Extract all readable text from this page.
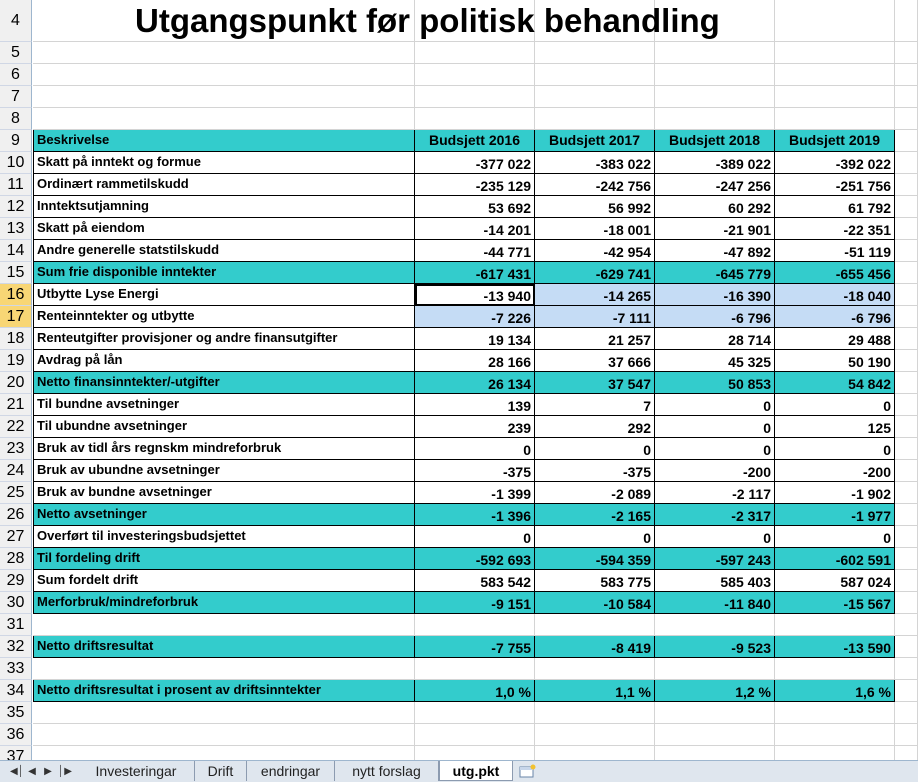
4
5
6
7
8
9	Beskrivelse	Budsjett 2016	Budsjett 2017	Budsjett 2018	Budsjett 2019
10 Skatt på inntekt og formue	-377 022	-383 022	-389 022	-392 022
11	Ordinært rammetilskudd	-235 129	-242 756	-247 256	-251 756
12 Inntektsutjamning	53 692	56 992	60 292	61 792
13 Skatt på eiendom	-14 201	-18 001	-21 901	-22 351
14 Andre generelle statstilskudd	-44 771	-42 954	-47 892	-51 119
15 Sum frie disponible inntekter	-617 431	-629 741	-645 779	-655 456
16 Utbytte Lyse Energi	-13 940	-14 265	-16 390	-18 040
17 Renteinntekter og utbytte	-7 226	-7 111	-6 796	-6 796
18 Renteutgifter provisjoner og andre finansutgifter	19 134	21 257	28 714	29 488
19 Avdrag på lån	28 166	37 666	45 325	50 190
20 Netto finansinntekter/-utgifter	26 134	37 547	50 853	54 842
21 Til bundne avsetninger	139	7	0	0
22 Til ubundne avsetninger	239	292	0	125
23 Bruk av tidl års regnskm mindreforbruk	0	0	0	0
24 Bruk av ubundne avsetninger	-375	-375	-200	-200
25 Bruk av bundne avsetninger	-1 399	-2 089	-2 117	-1 902
26 Netto avsetninger	-1 396	-2 165	-2 317	-1 977
27 Overført til investeringsbudsjettet	0	0	0	0
28 Til fordeling drift	-592 693	-594 359	-597 243	-602 591
29 Sum fordelt drift	583 542	583 775	585 403	587 024
30 Merforbruk/mindreforbruk	-9 151	-10 584	-11 840	-15 567
31
32 Netto driftsresultat	-7 755	-8 419	-9 523	-13 590
33
34 Netto driftsresultat i prosent av driftsinntekter	1,0 %	1,1 %	1,2 %	1,6 %
35
36
37
Utgangspunkt før politisk behandling
◀│ ◀ ▶ │▶	Investeringar	Drift	endringar	nytt forslag	utg.pkt
